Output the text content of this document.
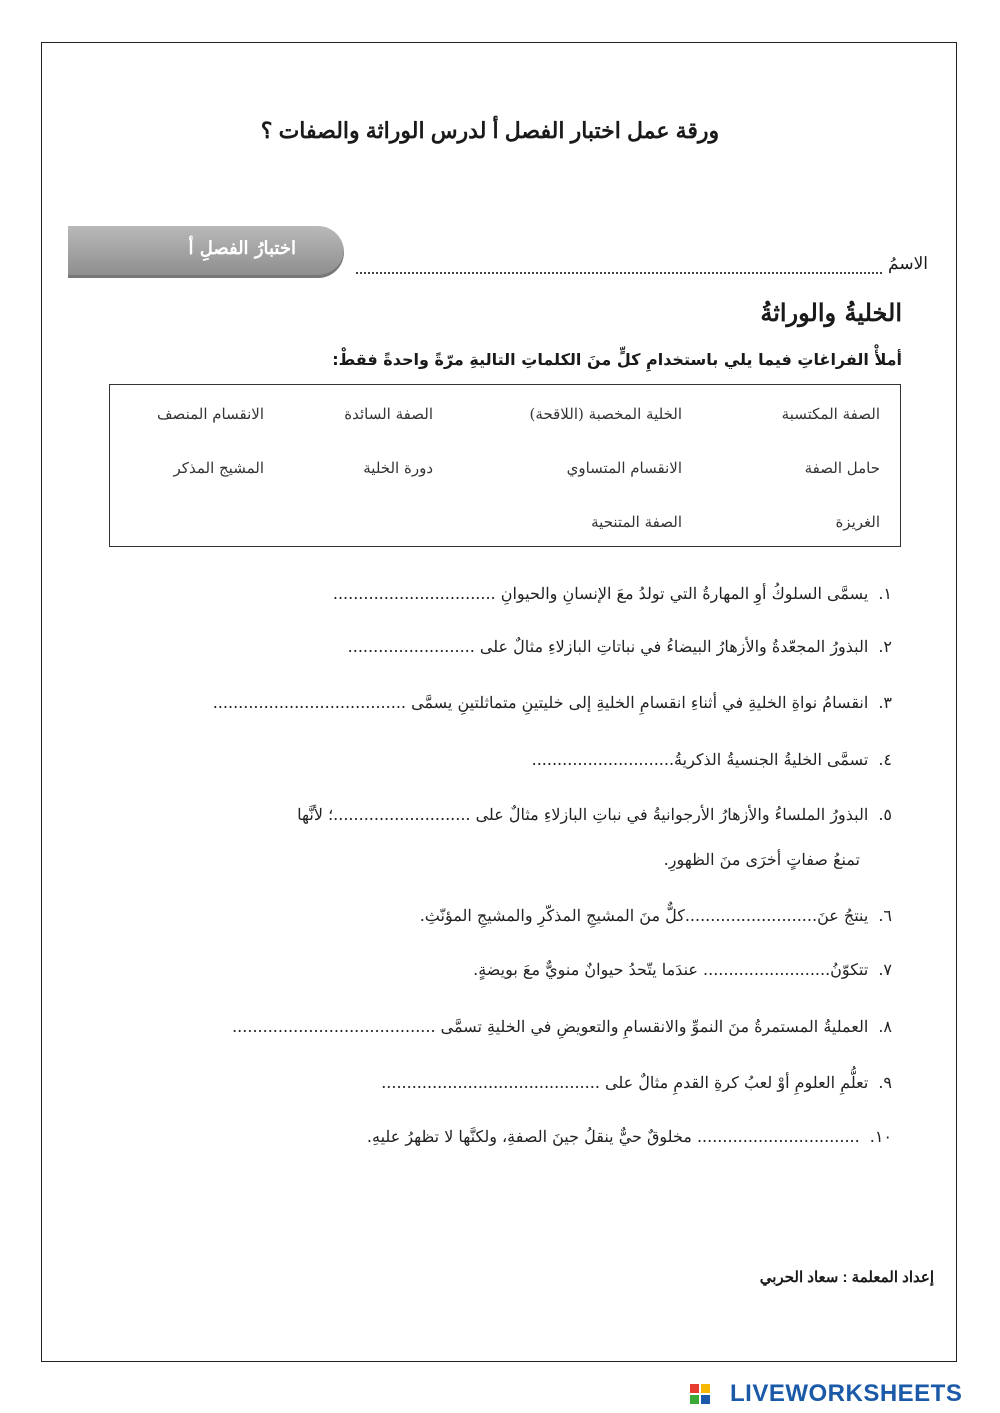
ورقة عمل اختبار الفصل أ لدرس الوراثة والصفات ؟
اختبارُ الفصلِ أ
الاسمُ
الخليةُ والوراثةُ
أملأْ الفراغاتِ فيما يلي باستخدامِ كلٍّ منَ الكلماتِ التاليةِ مرّةً واحدةً فقطْ:
الصفة المكتسبة
الخلية المخصبة (اللاقحة)
الصفة السائدة
الانقسام المنصف
حامل الصفة
الانقسام المتساوي
دورة الخلية
المشيج المذكر
الغريزة
الصفة المتنحية
١.يسمَّى السلوكُ أوِ المهارةُ التي تولدُ معَ الإنسانِ والحيوانِ ................................
٢.البذورُ المجعّدةُ والأزهارُ البيضاءُ في نباتاتِ البازلاءِ مثالٌ على .........................
٣.انقسامُ نواةِ الخليةِ في أثناءِ انقسامِ الخليةِ إلى خليتينِ متماثلتينِ يسمَّى ......................................
٤.تسمَّى الخليةُ الجنسيةُ الذكريةُ............................
٥.البذورُ الملساءُ والأزهارُ الأرجوانيةُ في نباتِ البازلاءِ مثالٌ على ...........................؛ لأنَّها
تمنعُ صفاتٍ أخرَى منَ الظهورِ.
٦.ينتجُ عنَ..........................كلٌّ منَ المشيجِ المذكّرِ والمشيجِ المؤنّثِ.
٧.تتكوّنُ......................... عندَما يتّحدُ حيوانٌ منويٌّ معَ بويضةٍ.
٨.العمليةُ المستمرةُ منَ النموِّ والانقسامِ والتعويضِ في الخليةِ تسمَّى ........................................
٩.تعلُّمِ العلومِ أوْ لعبُ كرةِ القدمِ مثالٌ على ...........................................
١٠................................. مخلوقٌ حيٌّ ينقلُ جينَ الصفةِ، ولكنَّها لا تظهرُ عليهِ.
إعداد المعلمة : سعاد الحربي
LIVEWORKSHEETS
